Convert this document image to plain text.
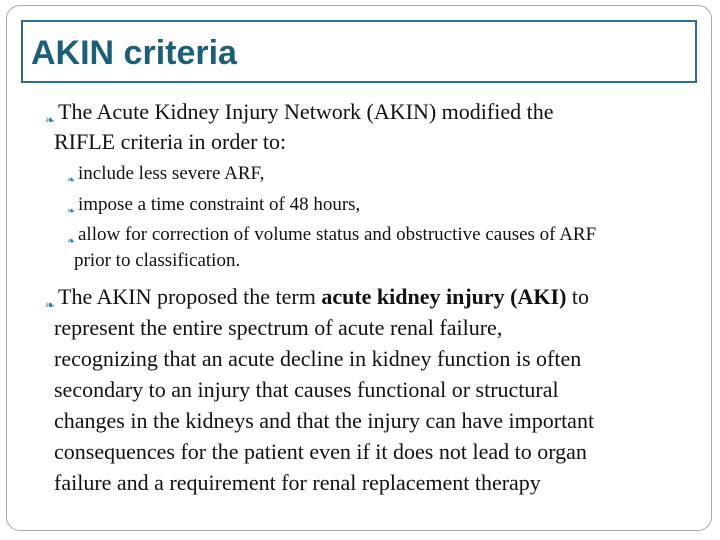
AKIN criteria
❧ The Acute Kidney Injury Network (AKIN) modified the
RIFLE criteria in order to:
❧ include less severe ARF,
❧ impose a time constraint of 48 hours,
❧ allow for correction of volume status and obstructive causes of ARF
prior to classification.
❧ The AKIN proposed the term acute kidney injury (AKI) to
represent the entire spectrum of acute renal failure,
recognizing that an acute decline in kidney function is often
secondary to an injury that causes functional or structural
changes in the kidneys and that the injury can have important
consequences for the patient even if it does not lead to organ
failure and a requirement for renal replacement therapy
